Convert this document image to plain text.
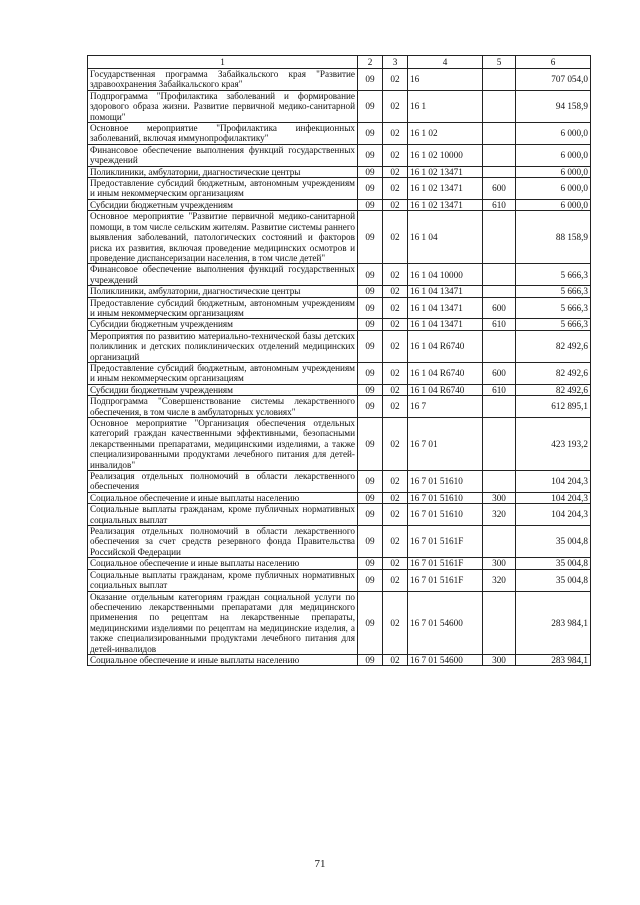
1	2	3	4	5	6
Государственная программа Забайкальского края "Развитие здравоохранения Забайкальского края"	09	02	16		707 054,0
Подпрограмма "Профилактика заболеваний и формирование здорового образа жизни. Развитие первичной медико-санитарной помощи"	09	02	16 1		94 158,9
Основное мероприятие "Профилактика инфекционных заболеваний, включая иммунопрофилактику"	09	02	16 1 02		6 000,0
Финансовое обеспечение выполнения функций государственных учреждений	09	02	16 1 02 10000		6 000,0
Поликлиники, амбулатории, диагностические центры	09	02	16 1 02 13471		6 000,0
Предоставление субсидий бюджетным, автономным учреждениям и иным некоммерческим организациям	09	02	16 1 02 13471	600	6 000,0
Субсидии бюджетным учреждениям	09	02	16 1 02 13471	610	6 000,0
Основное мероприятие "Развитие первичной медико-санитарной помощи, в том числе сельским жителям. Развитие системы раннего выявления заболеваний, патологических состояний и факторов риска их развития, включая проведение медицинских осмотров и проведение диспансеризации населения, в том числе детей"	09	02	16 1 04		88 158,9
Финансовое обеспечение выполнения функций государственных учреждений	09	02	16 1 04 10000		5 666,3
Поликлиники, амбулатории, диагностические центры	09	02	16 1 04 13471		5 666,3
Предоставление субсидий бюджетным, автономным учреждениям и иным некоммерческим организациям	09	02	16 1 04 13471	600	5 666,3
Субсидии бюджетным учреждениям	09	02	16 1 04 13471	610	5 666,3
Мероприятия по развитию материально-технической базы детских поликлиник и детских поликлинических отделений медицинских организаций	09	02	16 1 04 R6740		82 492,6
Предоставление субсидий бюджетным, автономным учреждениям и иным некоммерческим организациям	09	02	16 1 04 R6740	600	82 492,6
Субсидии бюджетным учреждениям	09	02	16 1 04 R6740	610	82 492,6
Подпрограмма "Совершенствование системы лекарственного обеспечения, в том числе в амбулаторных условиях"	09	02	16 7		612 895,1
Основное мероприятие "Организация обеспечения отдельных категорий граждан качественными эффективными, безопасными лекарственными препаратами, медицинскими изделиями, а также специализированными продуктами лечебного питания для детей-инвалидов"	09	02	16 7 01		423 193,2
Реализация отдельных полномочий в области лекарственного обеспечения	09	02	16 7 01 51610		104 204,3
Социальное обеспечение и иные выплаты населению	09	02	16 7 01 51610	300	104 204,3
Социальные выплаты гражданам, кроме публичных нормативных социальных выплат	09	02	16 7 01 51610	320	104 204,3
Реализация отдельных полномочий в области лекарственного обеспечения за счет средств резервного фонда Правительства Российской Федерации	09	02	16 7 01 5161F		35 004,8
Социальное обеспечение и иные выплаты населению	09	02	16 7 01 5161F	300	35 004,8
Социальные выплаты гражданам, кроме публичных нормативных социальных выплат	09	02	16 7 01 5161F	320	35 004,8
Оказание отдельным категориям граждан социальной услуги по обеспечению лекарственными препаратами для медицинского применения по рецептам на лекарственные препараты, медицинскими изделиями по рецептам на медицинские изделия, а также специализированными продуктами лечебного питания для детей-инвалидов	09	02	16 7 01 54600		283 984,1
Социальное обеспечение и иные выплаты населению	09	02	16 7 01 54600	300	283 984,1
71
